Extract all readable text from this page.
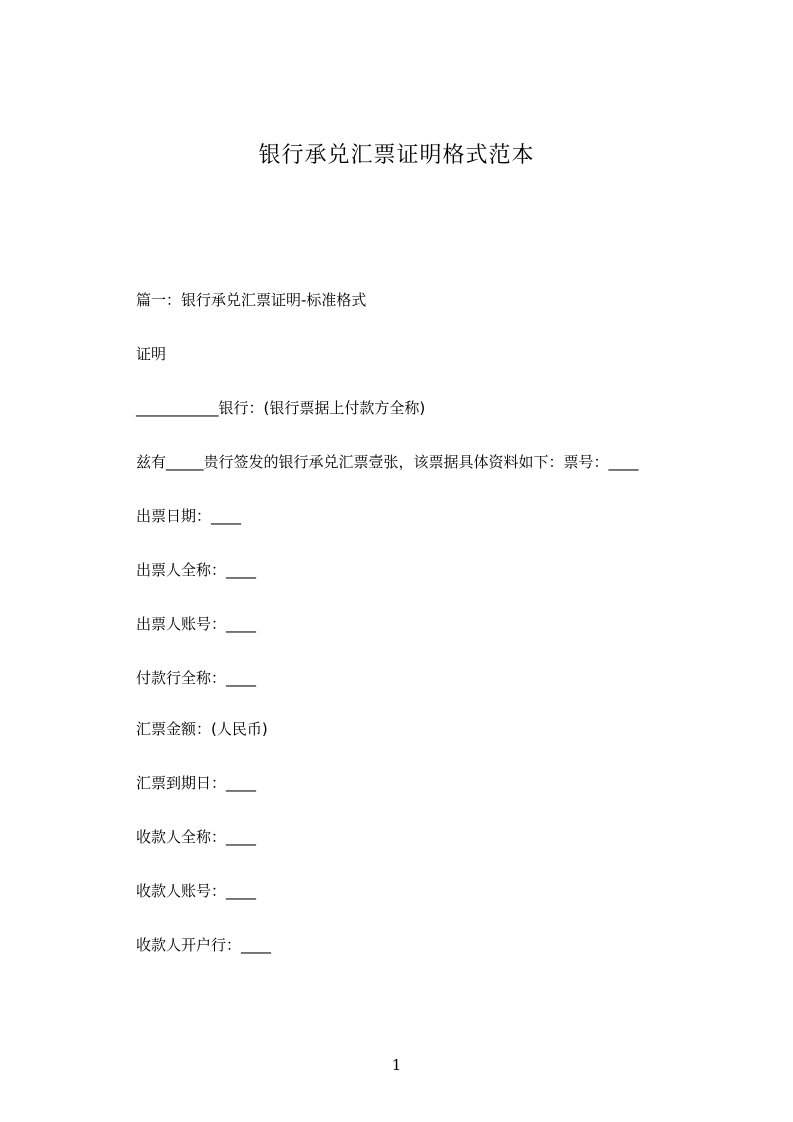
银行承兑汇票证明格式范本
篇一：银行承兑汇票证明-标准格式
证明
___________银行：(银行票据上付款方全称)
兹有_____贵行签发的银行承兑汇票壹张，该票据具体资料如下：票号：____
出票日期：____
出票人全称：____
出票人账号：____
付款行全称：____
汇票金额：(人民币)
汇票到期日：____
收款人全称：____
收款人账号：____
收款人开户行：____
1
